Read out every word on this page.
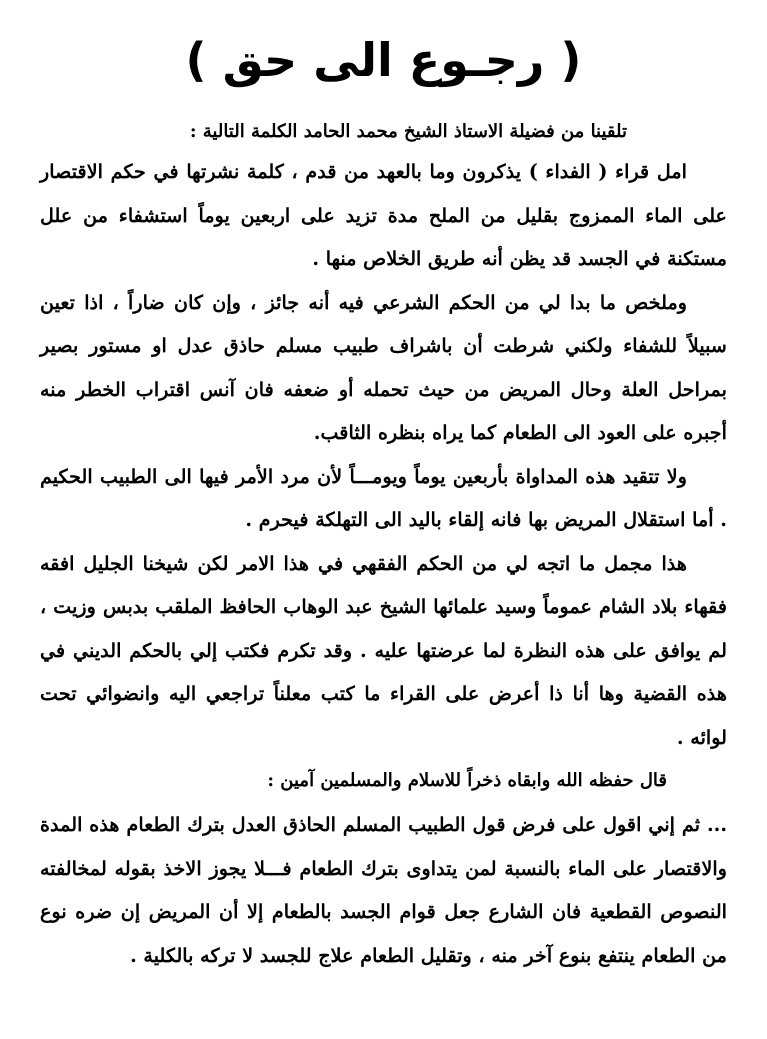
( رجـوع الى حق )

تلقينا من فضيلة الاستاذ الشيخ محمد الحامد الكلمة التالية :

امل قراء ( الفداء ) يذكرون وما بالعهد من قدم ، كلمة نشرتها في حكم الاقتصار على الماء الممزوج بقليل من الملح مدة تزيد على اربعين يوماً استشفاء من علل مستكنة في الجسد قد يظن أنه طريق الخلاص منها .

وملخص ما بدا لي من الحكم الشرعي فيه أنه جائز ، وإن كان ضاراً ، اذا تعين سبيلاً للشفاء ولكني شرطت أن باشراف طبيب مسلم حاذق عدل او مستور بصير بمراحل العلة وحال المريض من حيث تحمله أو ضعفه فان آنس اقتراب الخطر منه أجبره على العود الى الطعام كما يراه بنظره الثاقب.

ولا تتقيد هذه المداواة بأربعين يوماً ويومـــاً لأن مرد الأمر فيها الى الطبيب الحكيم . أما استقلال المريض بها فانه إلقاء باليد الى التهلكة فيحرم .

هذا مجمل ما اتجه لي من الحكم الفقهي في هذا الامر لكن شيخنا الجليل افقه فقهاء بلاد الشام عموماً وسيد علمائها الشيخ عبد الوهاب الحافظ الملقب بدبس وزيت ، لم يوافق على هذه النظرة لما عرضتها عليه . وقد تكرم فكتب إلي بالحكم الديني في هذه القضية وها أنا ذا أعرض على القراء ما كتب معلناً تراجعي اليه وانضوائي تحت لوائه .

قال حفظه الله وابقاه ذخراً للاسلام والمسلمين آمين :

... ثم إني اقول على فرض قول الطبيب المسلم الحاذق العدل بترك الطعام هذه المدة والاقتصار على الماء بالنسبة لمن يتداوى بترك الطعام فـــلا يجوز الاخذ بقوله لمخالفته النصوص القطعية فان الشارع جعل قوام الجسد بالطعام إلا أن المريض إن ضره نوع من الطعام ينتفع بنوع آخر منه ، وتقليل الطعام علاج للجسد لا تركه بالكلية .
